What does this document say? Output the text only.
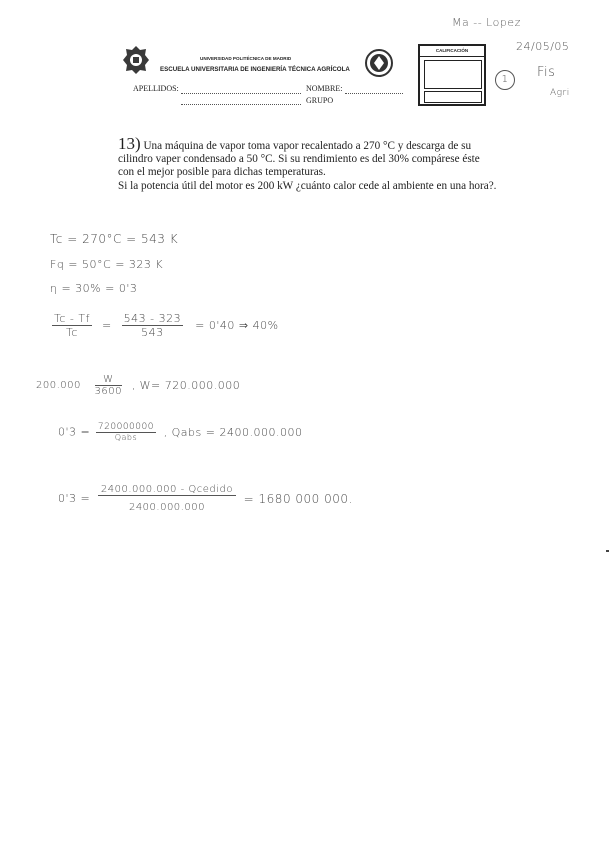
UNIVERSIDAD POLITÉCNICA DE MADRID
ESCUELA UNIVERSITARIA DE INGENIERÍA TÉCNICA AGRÍCOLA
APELLIDOS:	NOMBRE:
GRUPO
CALIFICACIÓN
Ma -- Lopez
24/05/05
Fis
Agri
1
13) Una máquina de vapor toma vapor recalentado a 270 °C y descarga de su
cilindro vaper condensado a 50 °C. Si su rendimiento es del 30% compárese éste
con el mejor posible para dichas temperaturas.
Si la potencia útil del motor es 200 kW ¿cuánto calor cede al ambiente en una hora?.
Tc = 270°C = 543 K
Fq = 50°C = 323 K
η = 30% = 0'3
$\frac{Tc - Tf}{Tc} = \frac{543 - 323}{543} = 0'40$ ⇒ 40%
$200.000 \frac{W}{3600}$ , W= 720.000.000
0'3 = 720000000
Qabs	, Qabs = 2400.000.000
0'3 =
2400.000.000 - Qcedido
2400.000.000
= 1680 000 000.
